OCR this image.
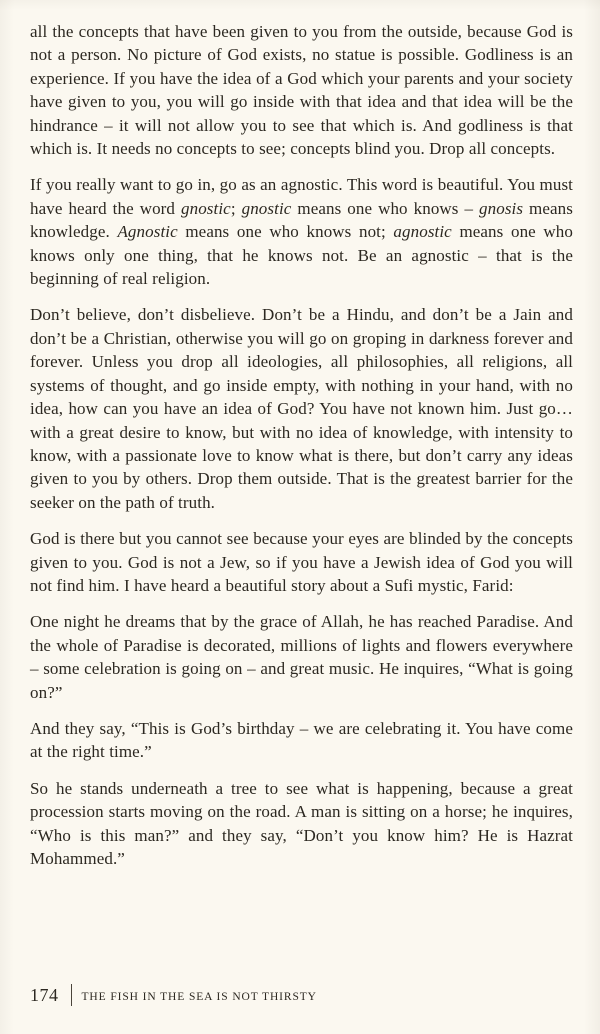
all the concepts that have been given to you from the outside, because God is not a person. No picture of God exists, no statue is possible. Godliness is an experience. If you have the idea of a God which your parents and your society have given to you, you will go inside with that idea and that idea will be the hindrance – it will not allow you to see that which is. And godliness is that which is. It needs no concepts to see; concepts blind you. Drop all concepts.

If you really want to go in, go as an agnostic. This word is beautiful. You must have heard the word gnostic; gnostic means one who knows – gnosis means knowledge. Agnostic means one who knows not; agnostic means one who knows only one thing, that he knows not. Be an agnostic – that is the beginning of real religion.

Don’t believe, don’t disbelieve. Don’t be a Hindu, and don’t be a Jain and don’t be a Christian, otherwise you will go on groping in darkness forever and forever. Unless you drop all ideologies, all philosophies, all religions, all systems of thought, and go inside empty, with nothing in your hand, with no idea, how can you have an idea of God? You have not known him. Just go…with a great desire to know, but with no idea of knowledge, with intensity to know, with a passionate love to know what is there, but don’t carry any ideas given to you by others. Drop them outside. That is the greatest barrier for the seeker on the path of truth.

God is there but you cannot see because your eyes are blinded by the concepts given to you. God is not a Jew, so if you have a Jewish idea of God you will not find him. I have heard a beautiful story about a Sufi mystic, Farid:

One night he dreams that by the grace of Allah, he has reached Paradise. And the whole of Paradise is decorated, millions of lights and flowers everywhere – some celebration is going on – and great music. He inquires, “What is going on?”

And they say, “This is God’s birthday – we are celebrating it. You have come at the right time.”

So he stands underneath a tree to see what is happening, because a great procession starts moving on the road. A man is sitting on a horse; he inquires, “Who is this man?” and they say, “Don’t you know him? He is Hazrat Mohammed.”

174 THE FISH IN THE SEA IS NOT THIRSTY
